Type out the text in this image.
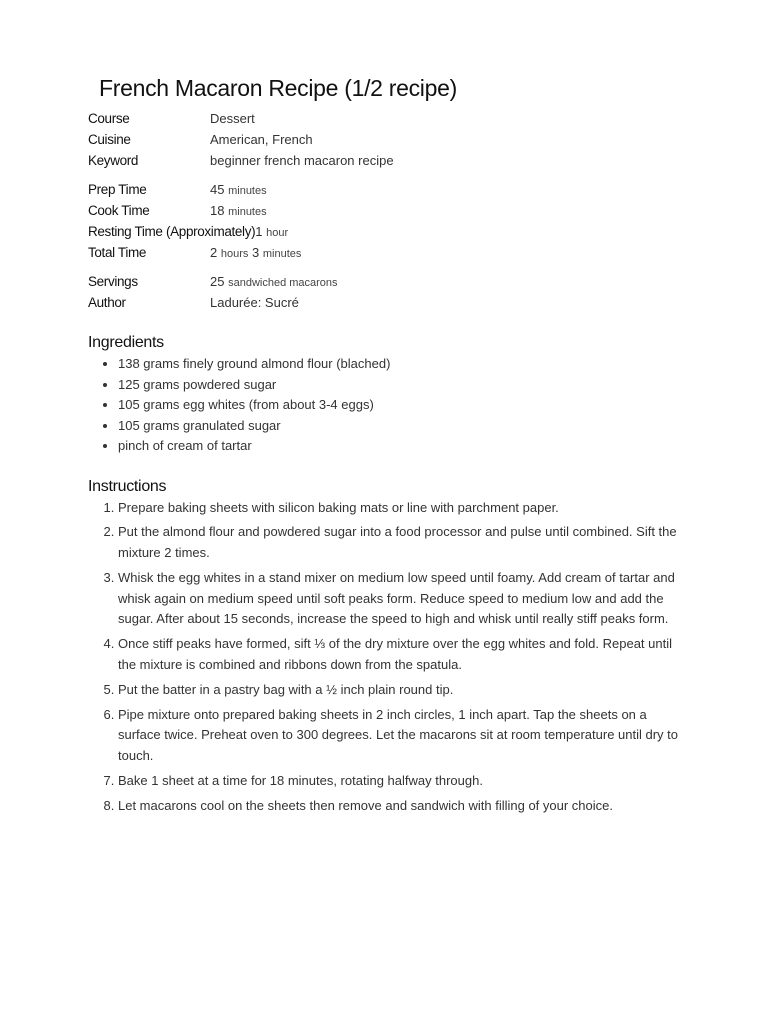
French Macaron Recipe (1/2 recipe)
Course	Dessert
Cuisine	American, French
Keyword	beginner french macaron recipe
Prep Time	45 minutes
Cook Time	18 minutes
Resting Time (Approximately) 1 hour
Total Time	2 hours 3 minutes
Servings	25 sandwiched macarons
Author	Ladurée: Sucré
Ingredients
• 138 grams finely ground almond flour (blached)
• 125 grams powdered sugar
• 105 grams egg whites (from about 3-4 eggs)
• 105 grams granulated sugar
• pinch of cream of tartar
Instructions
1. Prepare baking sheets with silicon baking mats or line with parchment paper.
2. Put the almond flour and powdered sugar into a food processor and pulse until combined. Sift the mixture 2 times.
3. Whisk the egg whites in a stand mixer on medium low speed until foamy. Add cream of tartar and whisk again on medium speed until soft peaks form. Reduce speed to medium low and add the sugar. After about 15 seconds, increase the speed to high and whisk until really stiff peaks form.
4. Once stiff peaks have formed, sift ⅓ of the dry mixture over the egg whites and fold. Repeat until the mixture is combined and ribbons down from the spatula.
5. Put the batter in a pastry bag with a ½ inch plain round tip.
6. Pipe mixture onto prepared baking sheets in 2 inch circles, 1 inch apart. Tap the sheets on a surface twice. Preheat oven to 300 degrees. Let the macarons sit at room temperature until dry to touch.
7. Bake 1 sheet at a time for 18 minutes, rotating halfway through.
8. Let macarons cool on the sheets then remove and sandwich with filling of your choice.
